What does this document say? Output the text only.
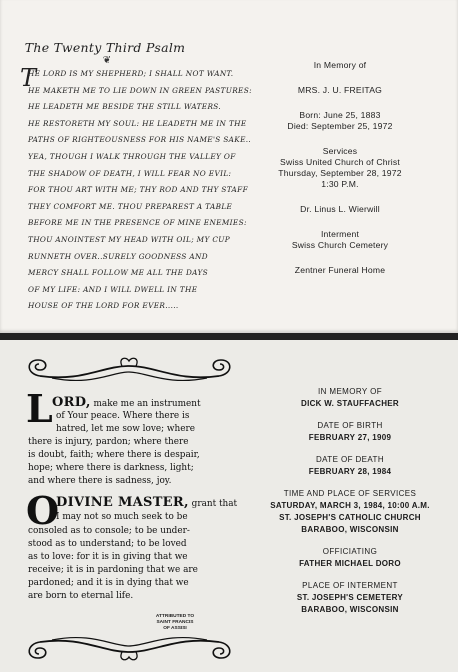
The Twenty Third Psalm
❦
T
HE LORD IS MY SHEPHERD; I SHALL NOT WANT.
HE MAKETH ME TO LIE DOWN IN GREEN PASTURES:
HE LEADETH ME BESIDE THE STILL WATERS.
HE RESTORETH MY SOUL: HE LEADETH ME IN THE
PATHS OF RIGHTEOUSNESS FOR HIS NAME'S SAKE..
YEA, THOUGH I WALK THROUGH THE VALLEY OF
THE SHADOW OF DEATH, I WILL FEAR NO EVIL:
FOR THOU ART WITH ME; THY ROD AND THY STAFF
THEY COMFORT ME. THOU PREPAREST A TABLE
BEFORE ME IN THE PRESENCE OF MINE ENEMIES:
THOU ANOINTEST MY HEAD WITH OIL; MY CUP
RUNNETH OVER..SURELY GOODNESS AND
MERCY SHALL FOLLOW ME ALL THE DAYS
OF MY LIFE: AND I WILL DWELL IN THE
HOUSE OF THE LORD FOR EVER.....
In Memory of
MRS. J. U. FREITAG
Born: June 25, 1883
Died: September 25, 1972
Services
Swiss United Church of Christ
Thursday, September 28, 1972
1:30 P.M.
Dr. Linus L. Wierwill
Interment
Swiss Church Cemetery
Zentner Funeral Home
L ORD, make me an instrument
of Your peace. Where there is
hatred, let me sow love; where
there is injury, pardon; where there
is doubt, faith; where there is despair,
hope; where there is darkness, light;
and where there is sadness, joy.
O
DIVINE MASTER, grant that
I may not so much seek to be
consoled as to console; to be under-
stood as to understand; to be loved
as to love: for it is in giving that we
receive; it is in pardoning that we are
pardoned; and it is in dying that we
are born to eternal life.
ATTRIBUTED TO
SAINT FRANCIS
OF ASSISI
IN MEMORY OF
DICK W. STAUFFACHER
DATE OF BIRTH
FEBRUARY 27, 1909
DATE OF DEATH
FEBRUARY 28, 1984
TIME AND PLACE OF SERVICES
SATURDAY, MARCH 3, 1984, 10:00 A.M.
ST. JOSEPH'S CATHOLIC CHURCH
BARABOO, WISCONSIN
OFFICIATING
FATHER MICHAEL DORO
PLACE OF INTERMENT
ST. JOSEPH'S CEMETERY
BARABOO, WISCONSIN
